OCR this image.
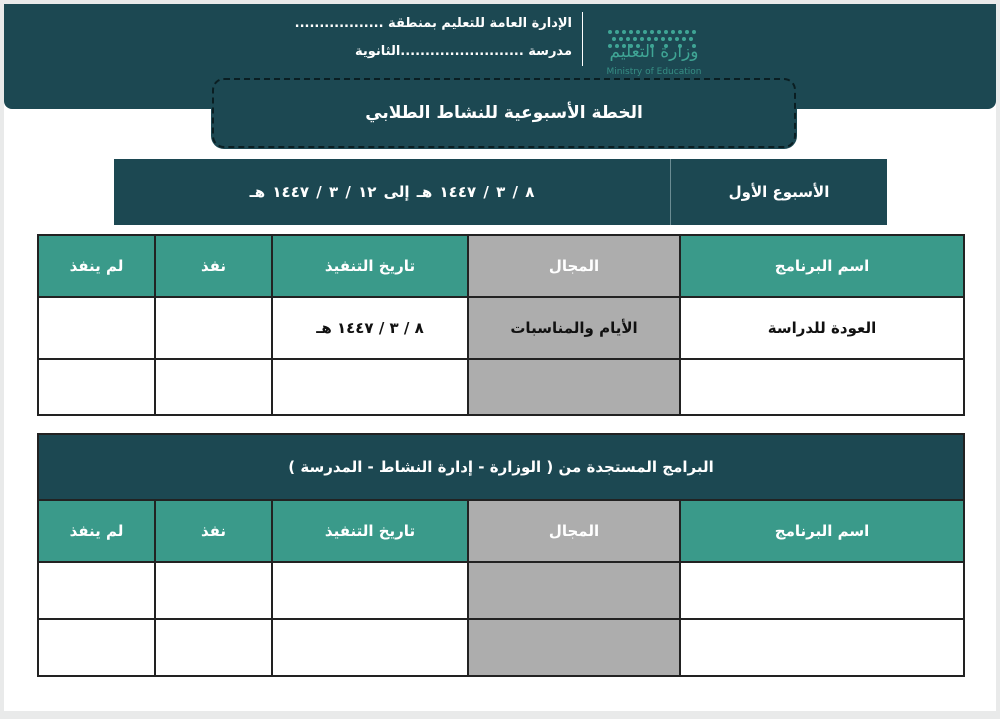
وزارة التعليم
Ministry of Education
الإدارة العامة للتعليم بمنطقة ..................
مدرسة .........................الثانوية
الخطة الأسبوعية للنشاط الطلابي
٨ / ٣ / ١٤٤٧ هـ إلى ١٢ / ٣ / ١٤٤٧ هـ	الأسبوع الأول
لم ينفذ	نفذ	تاريخ التنفيذ	المجال	اسم البرنامج
		٨ / ٣ / ١٤٤٧ هـ	الأيام والمناسبات	العودة للدراسة

البرامج المستجدة من ( الوزارة - إدارة النشاط - المدرسة )				
لم ينفذ	نفذ	تاريخ التنفيذ	المجال	اسم البرنامج
